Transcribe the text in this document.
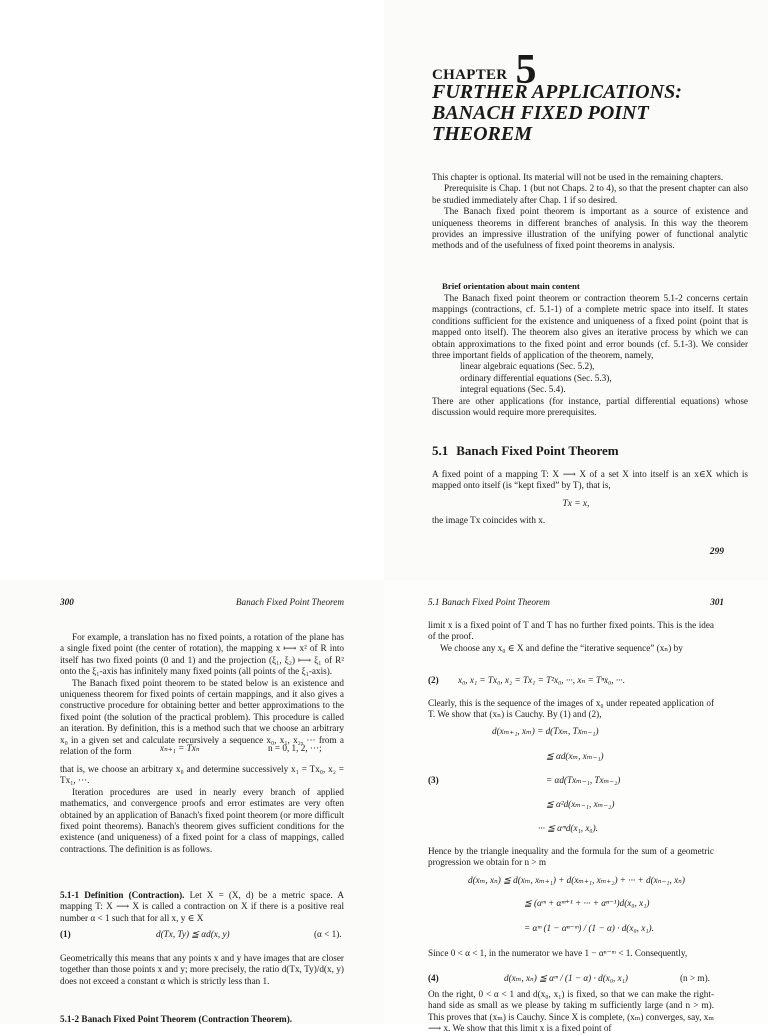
CHAPTER 5
FURTHER APPLICATIONS:
BANACH FIXED POINT
THEOREM

This chapter is optional. Its material will not be used in the remaining chapters.

Prerequisite is Chap. 1 (but not Chaps. 2 to 4), so that the present chapter can also be studied immediately after Chap. 1 if so desired.

The Banach fixed point theorem is important as a source of existence and uniqueness theorems in different branches of analysis. In this way the theorem provides an impressive illustration of the unifying power of functional analytic methods and of the usefulness of fixed point theorems in analysis.

Brief orientation about main content

The Banach fixed point theorem or contraction theorem 5.1-2 concerns certain mappings (contractions, cf. 5.1-1) of a complete metric space into itself. It states conditions sufficient for the existence and uniqueness of a fixed point (point that is mapped onto itself). The theorem also gives an iterative process by which we can obtain approximations to the fixed point and error bounds (cf. 5.1-3). We consider three important fields of application of the theorem, namely,

linear algebraic equations (Sec. 5.2),
ordinary differential equations (Sec. 5.3),
integral equations (Sec. 5.4).

There are other applications (for instance, partial differential equations) whose discussion would require more prerequisites.

5.1 Banach Fixed Point Theorem

A fixed point of a mapping T: X ⟶ X of a set X into itself is an x∈X which is mapped onto itself (is “kept fixed” by T), that is,

Tx = x,

the image Tx coincides with x.

299

300	Banach Fixed Point Theorem

For example, a translation has no fixed points, a rotation of the plane has a single fixed point (the center of rotation), the mapping x ⟼ x² of R into itself has two fixed points (0 and 1) and the projection (ξ₁, ξ₂) ⟼ ξ₁ of R² onto the ξ₁-axis has infinitely many fixed points (all points of the ξ₁-axis).

The Banach fixed point theorem to be stated below is an existence and uniqueness theorem for fixed points of certain mappings, and it also gives a constructive procedure for obtaining better and better approximations to the fixed point (the solution of the practical problem). This procedure is called an iteration. By definition, this is a method such that we choose an arbitrary x₀ in a given set and calculate recursively a sequence x₀, x₁, x₂, ··· from a relation of the form	xₙ₊₁ = Txₙ	n = 0, 1, 2, ···;

that is, we choose an arbitrary x₀ and determine successively x₁ = Tx₀, x₂ = Tx₁, ···.

Iteration procedures are used in nearly every branch of applied mathematics, and convergence proofs and error estimates are very often obtained by an application of Banach's fixed point theorem (or more difficult fixed point theorems). Banach's theorem gives sufficient conditions for the existence (and uniqueness) of a fixed point for a class of mappings, called contractions. The definition is as follows.

5.1-1 Definition (Contraction). Let X = (X, d) be a metric space. A mapping T: X ⟶ X is called a contraction on X if there is a positive real number α < 1 such that for all x, y ∈ X

(1)	d(Tx, Ty) ≦ αd(x, y)	(α < 1).

Geometrically this means that any points x and y have images that are closer together than those points x and y; more precisely, the ratio d(Tx, Ty)/d(x, y) does not exceed a constant α which is strictly less than 1.

5.1-2 Banach Fixed Point Theorem (Contraction Theorem).

5.1 Banach Fixed Point Theorem	301

limit x is a fixed point of T and T has no further fixed points. This is the idea of the proof.

We choose any x₀ ∈ X and define the “iterative sequence” (xₙ) by

(2) x₀, x₁ = Tx₀, x₂ = Tx₁ = T²x₀, ···, xₙ = Tⁿx₀, ···.

Clearly, this is the sequence of the images of x₀ under repeated application of T. We show that (xₙ) is Cauchy. By (1) and (2),

d(xₘ₊₁, xₘ) = d(Txₘ, Txₘ₋₁)

≦ αd(xₘ, xₘ₋₁)

(3)	= αd(Txₘ₋₁, Txₘ₋₂)

≦ α²d(xₘ₋₁, xₘ₋₂)

··· ≦ αᵐd(x₁, x₀).

Hence by the triangle inequality and the formula for the sum of a geometric progression we obtain for n > m

d(xₘ, xₙ) ≦ d(xₘ, xₘ₊₁) + d(xₘ₊₁, xₘ₊₂) + ··· + d(xₙ₋₁, xₙ)

≦ (αᵐ + αᵐ⁺¹ + ··· + αⁿ⁻¹)d(x₀, x₁)

= αᵐ (1 − αⁿ⁻ᵐ) / (1 − α) · d(x₀, x₁).

Since 0 < α < 1, in the numerator we have 1 − αⁿ⁻ᵐ < 1. Consequently,

(4)	d(xₘ, xₙ) ≦ αᵐ / (1 − α) · d(x₀, x₁)	(n > m).

On the right, 0 < α < 1 and d(x₀, x₁) is fixed, so that we can make the right-hand side as small as we please by taking m sufficiently large (and n > m). This proves that (xₘ) is Cauchy. Since X is complete, (xₘ) converges, say, xₘ ⟶ x. We show that this limit x is a fixed point of
